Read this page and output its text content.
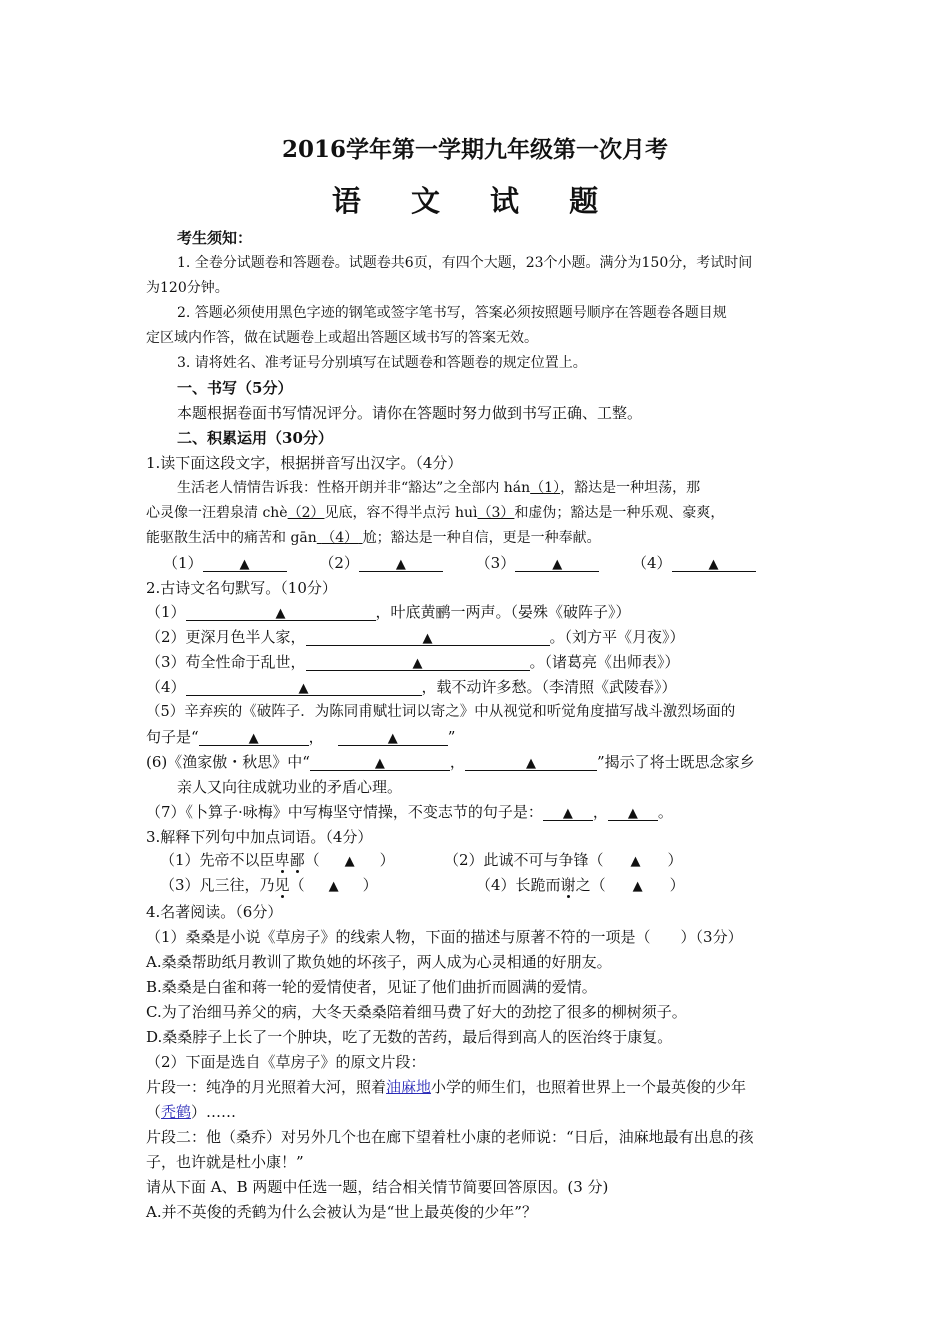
2016学年第一学期九年级第一次月考
语 文 试 题
考生须知：
1. 全卷分试题卷和答题卷。试题卷共6页，有四个大题，23个小题。满分为150分，考试时间
为120分钟。
2. 答题必须使用黑色字迹的钢笔或签字笔书写，答案必须按照题号顺序在答题卷各题目规
定区域内作答，做在试题卷上或超出答题区域书写的答案无效。
3. 请将姓名、准考证号分别填写在试题卷和答题卷的规定位置上。
一、书写（5分）
本题根据卷面书写情况评分。请你在答题时努力做到书写正确、工整。
二、积累运用（30分）
1.读下面这段文字，根据拼音写出汉字。（4分）
生活老人情情告诉我：性格开朗并非“豁达”之全部内 hán（1），豁达是一种坦荡，那
心灵像一汪碧泉清 chè（2）见底，容不得半点污 huì（3）和虚伪；豁达是一种乐观、豪爽，
能驱散生活中的痛苦和 gān （4） 尬；豁达是一种自信，更是一种奉献。
（1）	▲	（2）	▲	（3）	▲	（4）	▲
2.古诗文名句默写。（10分）
（1）	▲	，叶底黄鹂一两声。（晏殊《破阵子》）
（2）更深月色半人家，	▲	。（刘方平《月夜》）
（3）苟全性命于乱世，	▲	。（诸葛亮《出师表》）
（4）	▲	，载不动许多愁。（李清照《武陵春》）
（5）辛弃疾的《破阵子．为陈同甫赋壮词以寄之》中从视觉和听觉角度描写战斗激烈场面的
句子是“	▲	，	▲	”
(6)《渔家傲・秋思》中“	▲	，	▲	”揭示了将士既思念家乡
亲人又向往成就功业的矛盾心理。
（7）《卜算子·咏梅》中写梅坚守情操，不变志节的句子是： ▲ ， ▲ 。
3.解释下列句中加点词语。（4分）
（1）先帝不以臣卑鄙（ ▲ ）	（2）此诚不可与争锋（ ▲ ）
（3）凡三往，乃见（ ▲ ）	（4）长跪而谢之（ ▲ ）
4.名著阅读。（6分）
（1）桑桑是小说《草房子》的线索人物，下面的描述与原著不符的一项是（　　）（3分）
A.桑桑帮助纸月教训了欺负她的坏孩子，两人成为心灵相通的好朋友。
B.桑桑是白雀和蒋一轮的爱情使者，见证了他们曲折而圆满的爱情。
C.为了治细马养父的病，大冬天桑桑陪着细马费了好大的劲挖了很多的柳树须子。
D.桑桑脖子上长了一个肿块，吃了无数的苦药，最后得到高人的医治终于康复。
（2）下面是选自《草房子》的原文片段：
片段一：纯净的月光照着大河，照着油麻地小学的师生们，也照着世界上一个最英俊的少年
（秃鹤）……
片段二：他（桑乔）对另外几个也在廊下望着杜小康的老师说：“日后，油麻地最有出息的孩
子，也许就是杜小康！”
请从下面 A、B 两题中任选一题，结合相关情节简要回答原因。(3 分)
A.并不英俊的秃鹤为什么会被认为是“世上最英俊的少年”？
